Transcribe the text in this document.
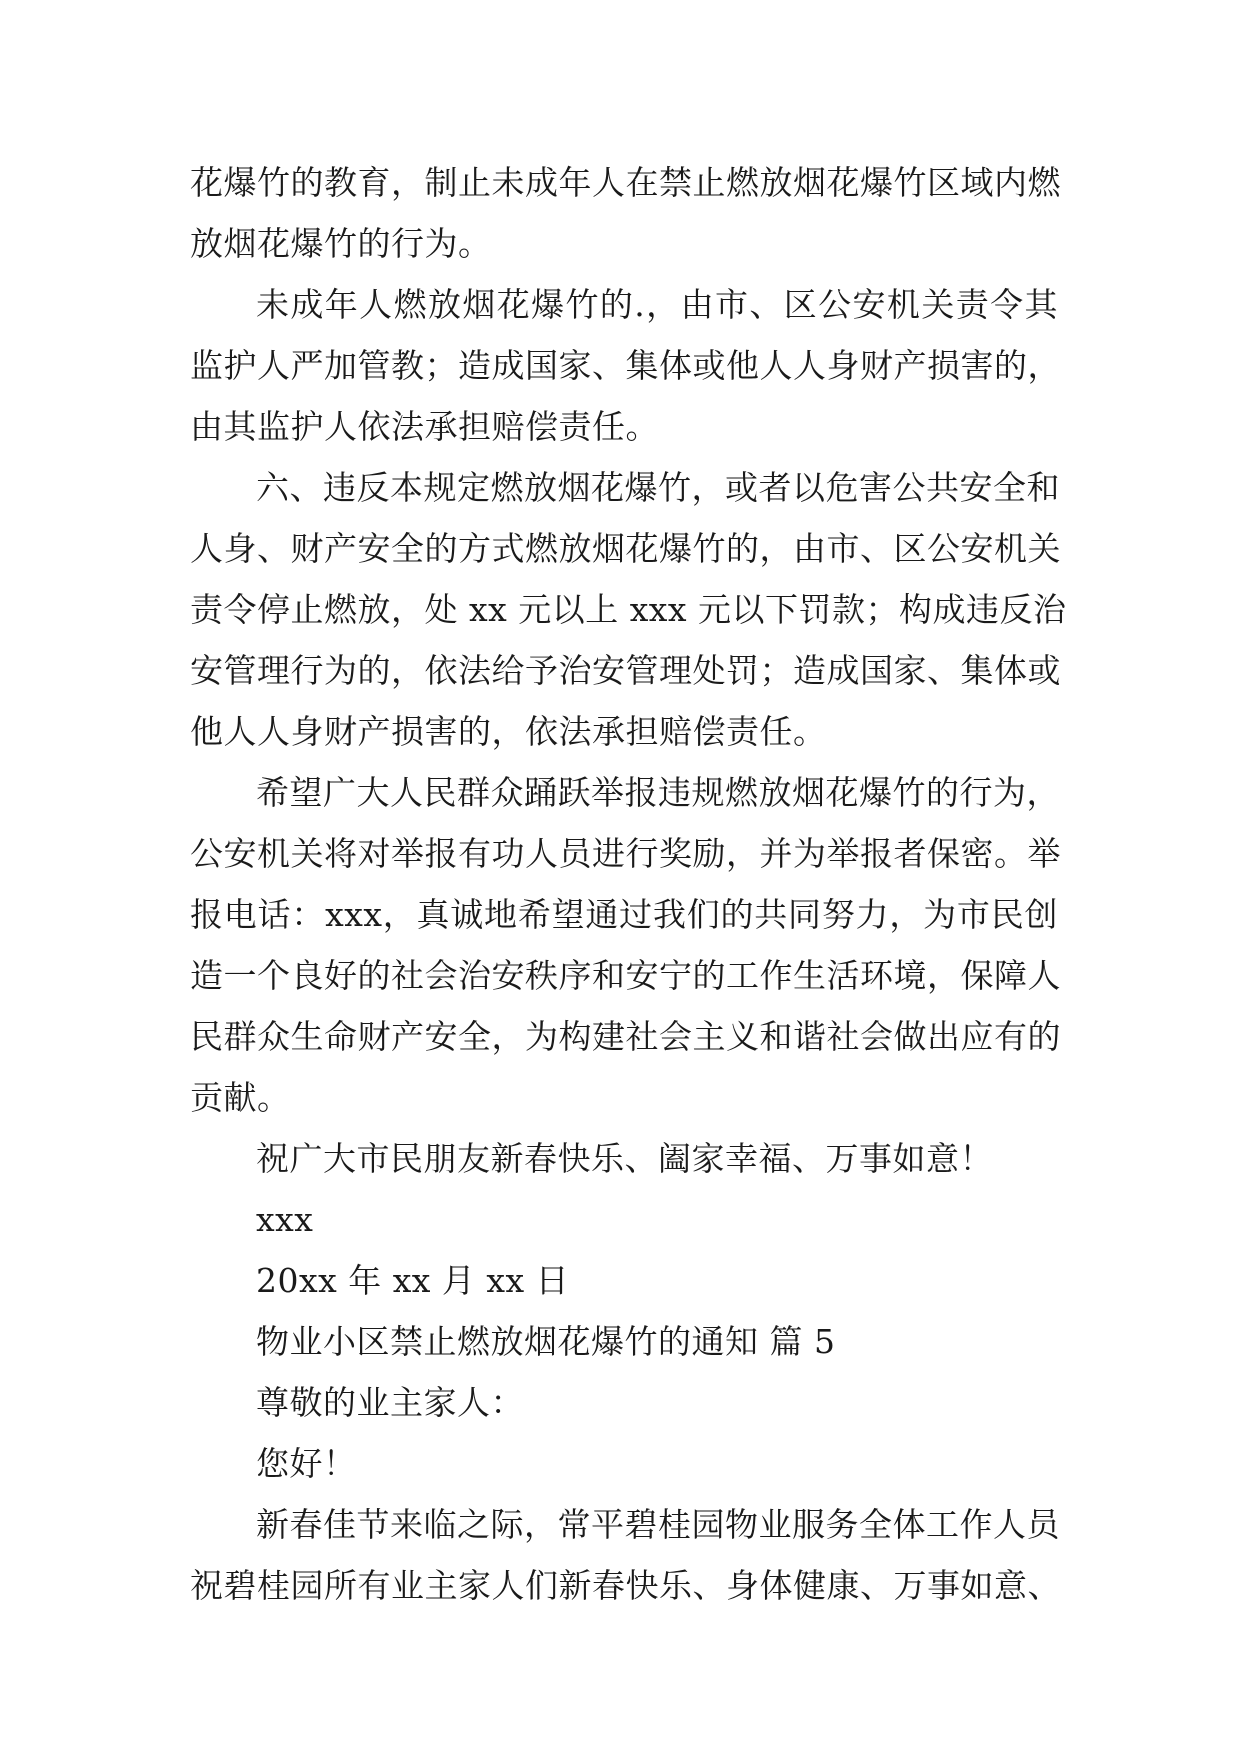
花爆竹的教育，制止未成年人在禁止燃放烟花爆竹区域内燃
放烟花爆竹的行为。
未成年人燃放烟花爆竹的.，由市、区公安机关责令其
监护人严加管教；造成国家、集体或他人人身财产损害的，
由其监护人依法承担赔偿责任。
六、违反本规定燃放烟花爆竹，或者以危害公共安全和
人身、财产安全的方式燃放烟花爆竹的，由市、区公安机关
责令停止燃放，处 xx 元以上 xxx 元以下罚款；构成违反治
安管理行为的，依法给予治安管理处罚；造成国家、集体或
他人人身财产损害的，依法承担赔偿责任。
希望广大人民群众踊跃举报违规燃放烟花爆竹的行为，
公安机关将对举报有功人员进行奖励，并为举报者保密。举
报电话：xxx，真诚地希望通过我们的共同努力，为市民创
造一个良好的社会治安秩序和安宁的工作生活环境，保障人
民群众生命财产安全，为构建社会主义和谐社会做出应有的
贡献。
祝广大市民朋友新春快乐、阖家幸福、万事如意！
xxx
20xx 年 xx 月 xx 日
物业小区禁止燃放烟花爆竹的通知 篇 5
尊敬的业主家人：
您好！
新春佳节来临之际，常平碧桂园物业服务全体工作人员
祝碧桂园所有业主家人们新春快乐、身体健康、万事如意、
